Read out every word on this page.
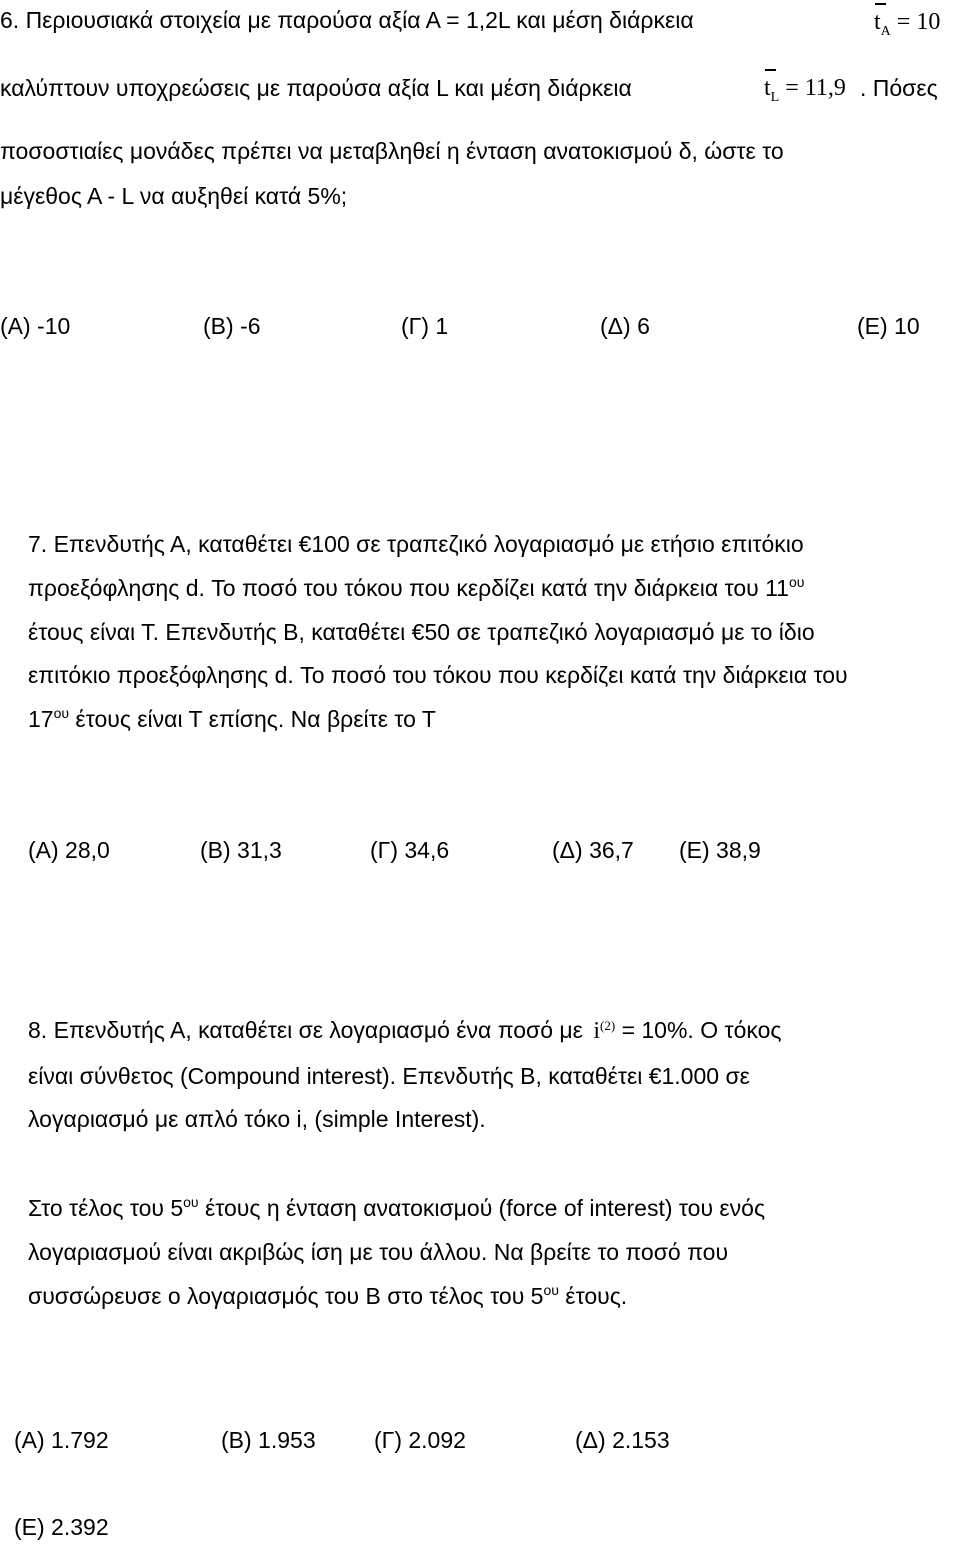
6. Περιουσιακά στοιχεία με παρούσα αξία Α = 1,2L και μέση διάρκεια	$t_A = 10$
καλύπτουν υποχρεώσεις με παρούσα αξία L και μέση διάρκεια	$t_L = 11,9$ . Πόσες
ποσοστιαίες μονάδες πρέπει να μεταβληθεί η ένταση ανατοκισμού δ, ώστε το
μέγεθος Α - L να αυξηθεί κατά 5%;
(Α) -10	(Β) -6	(Γ) 1	(Δ) 6	(Ε) 10
7. Επενδυτής Α, καταθέτει €100 σε τραπεζικό λογαριασμό με ετήσιο επιτόκιο
προεξόφλησης d. Το ποσό του τόκου που κερδίζει κατά την διάρκεια του $11^{o\upsilon}$
έτους είναι Τ. Επενδυτής Β, καταθέτει €50 σε τραπεζικό λογαριασμό με το ίδιο
επιτόκιο προεξόφλησης d. Το ποσό του τόκου που κερδίζει κατά την διάρκεια του
$17^{o\upsilon}$ έτους είναι Τ επίσης. Να βρείτε το Τ
(Α) 28,0	(Β) 31,3	(Γ) 34,6	(Δ) 36,7 (Ε) 38,9
8. Επενδυτής Α, καταθέτει σε λογαριασμό ένα ποσό με $i^{(2)} = 10\%$. Ο τόκος
είναι σύνθετος (Compound interest). Επενδυτής Β, καταθέτει €1.000 σε
λογαριασμό με απλό τόκο i, (simple Interest).
Στο τέλος του $5^{o\upsilon}$ έτους η ένταση ανατοκισμού (force of interest) του ενός
λογαριασμού είναι ακριβώς ίση με του άλλου. Να βρείτε το ποσό που
συσσώρευσε ο λογαριασμός του Β στο τέλος του $5^{o\upsilon}$ έτους.
(Α) 1.792	(Β) 1.953	(Γ) 2.092	(Δ) 2.153
(Ε) 2.392
